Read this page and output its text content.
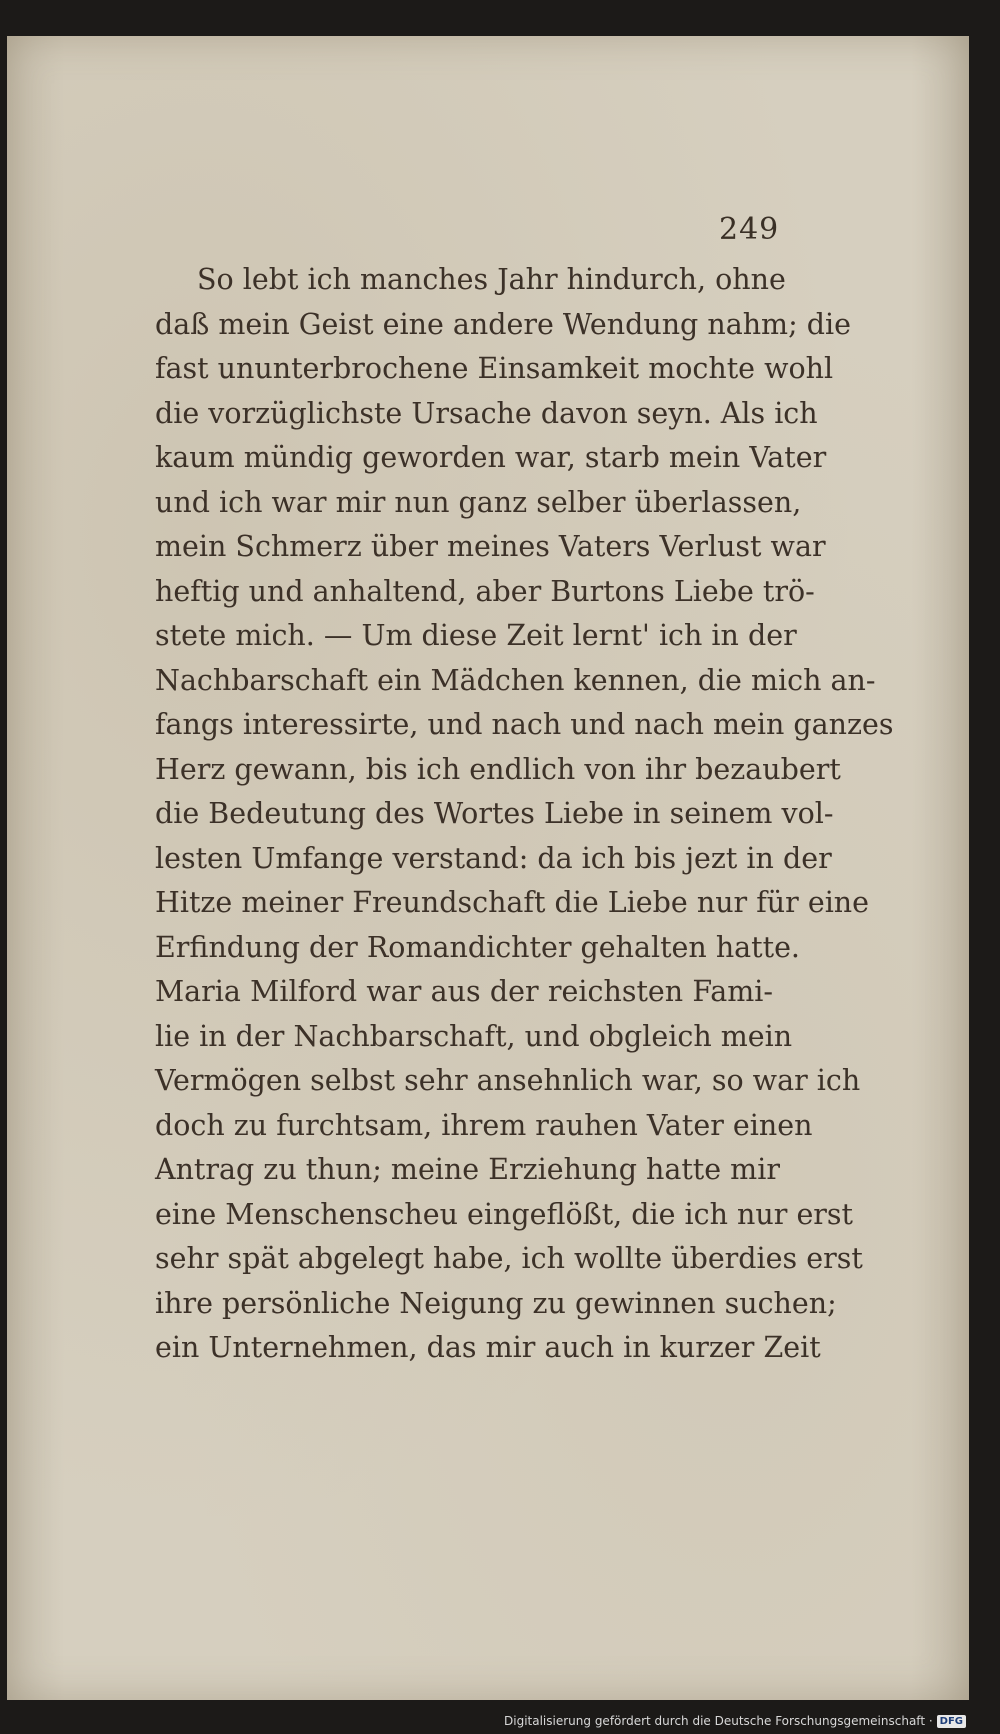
249
So lebt ich manches Jahr hindurch, ohne
daß mein Geist eine andere Wendung nahm; die
fast ununterbrochene Einsamkeit mochte wohl
die vorzüglichste Ursache davon seyn. Als ich
kaum mündig geworden war, starb mein Vater
und ich war mir nun ganz selber überlassen,
mein Schmerz über meines Vaters Verlust war
heftig und anhaltend, aber Burtons Liebe trö-
stete mich. — Um diese Zeit lernt' ich in der
Nachbarschaft ein Mädchen kennen, die mich an-
fangs interessirte, und nach und nach mein ganzes
Herz gewann, bis ich endlich von ihr bezaubert
die Bedeutung des Wortes Liebe in seinem vol-
lesten Umfange verstand: da ich bis jezt in der
Hitze meiner Freundschaft die Liebe nur für eine
Erfindung der Romandichter gehalten hatte.
Maria Milford war aus der reichsten Fami-
lie in der Nachbarschaft, und obgleich mein
Vermögen selbst sehr ansehnlich war, so war ich
doch zu furchtsam, ihrem rauhen Vater einen
Antrag zu thun; meine Erziehung hatte mir
eine Menschenscheu eingeflößt, die ich nur erst
sehr spät abgelegt habe, ich wollte überdies erst
ihre persönliche Neigung zu gewinnen suchen;
ein Unternehmen, das mir auch in kurzer Zeit
Digitalisierung gefördert durch die Deutsche Forschungsgemeinschaft · DFG
